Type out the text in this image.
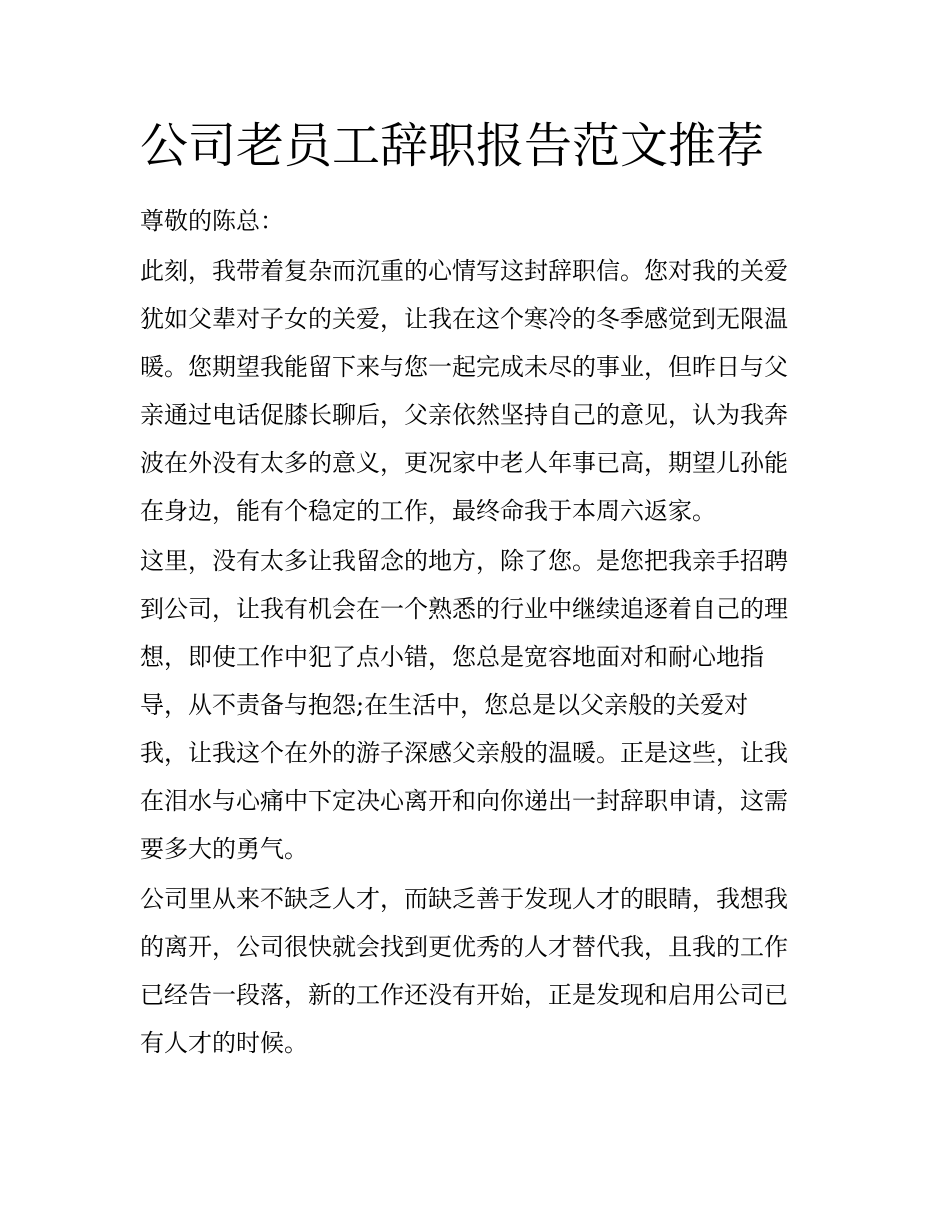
公司老员工辞职报告范文推荐

尊敬的陈总：

此刻，我带着复杂而沉重的心情写这封辞职信。您对我的关爱

犹如父辈对子女的关爱，让我在这个寒冷的冬季感觉到无限温

暖。您期望我能留下来与您一起完成未尽的事业，但昨日与父

亲通过电话促膝长聊后，父亲依然坚持自己的意见，认为我奔

波在外没有太多的意义，更况家中老人年事已高，期望儿孙能

在身边，能有个稳定的工作，最终命我于本周六返家。

这里，没有太多让我留念的地方，除了您。是您把我亲手招聘

到公司，让我有机会在一个熟悉的行业中继续追逐着自己的理

想，即使工作中犯了点小错，您总是宽容地面对和耐心地指

导，从不责备与抱怨;在生活中，您总是以父亲般的关爱对

我，让我这个在外的游子深感父亲般的温暖。正是这些，让我

在泪水与心痛中下定决心离开和向你递出一封辞职申请，这需

要多大的勇气。

公司里从来不缺乏人才，而缺乏善于发现人才的眼睛，我想我

的离开，公司很快就会找到更优秀的人才替代我，且我的工作

已经告一段落，新的工作还没有开始，正是发现和启用公司已

有人才的时候。
